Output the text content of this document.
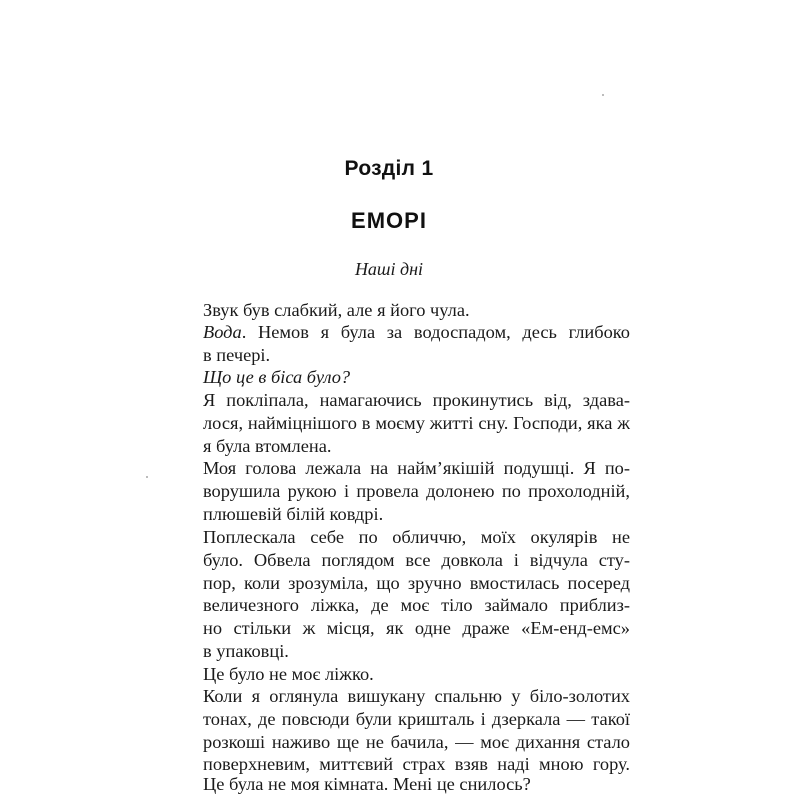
Розділ 1
ЕМОРІ
Наші дні
Звук був слабкий, але я його чула.
Вода. Немов я була за водоспадом, десь глибоко
в печері.
Що це в біса було?
Я покліпала, намагаючись прокинутись від, здава-
лося, наймiцнішого в моєму житті сну. Господи, яка ж
я була втомлена.
Моя голова лежала на найм’якішій подушці. Я по-
ворушила рукою і провела долонею по прохолодній,
плюшевій білій ковдрі.
Поплескала себе по обличчю, моїх окулярів не
було. Обвела поглядом все довкола і відчула сту-
пор, коли зрозуміла, що зручно вмостилась посеред
величезного ліжка, де моє тіло займало приблиз-
но стільки ж місця, як одне драже «Ем-енд-емс»
в упаковці.
Це було не моє ліжко.
Коли я оглянула вишукану спальню у біло-золотих
тонах, де повсюди були кришталь і дзеркала — такої
розкоші наживо ще не бачила, — моє дихання стало
поверхневим, миттєвий страх взяв наді мною гору.
Це була не моя кімната. Мені це снилось?
